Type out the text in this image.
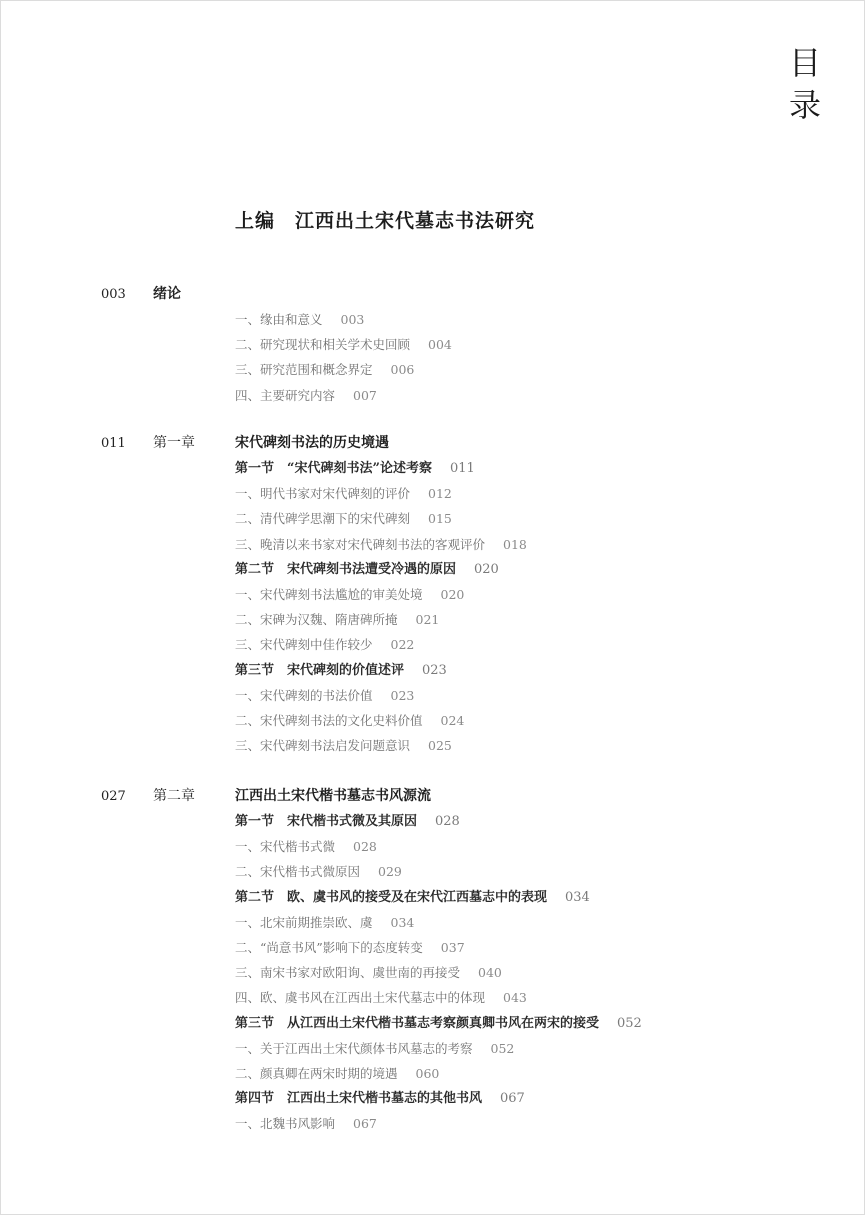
目
录
上编　江西出土宋代墓志书法研究
003 绪论
一、缘由和意义 003
二、研究现状和相关学术史回顾 004
三、研究范围和概念界定 006
四、主要研究内容 007
011 第一章	宋代碑刻书法的历史境遇
第一节　“宋代碑刻书法”论述考察 011
一、明代书家对宋代碑刻的评价 012
二、清代碑学思潮下的宋代碑刻 015
三、晚清以来书家对宋代碑刻书法的客观评价 018
第二节　宋代碑刻书法遭受冷遇的原因 020
一、宋代碑刻书法尴尬的审美处境 020
二、宋碑为汉魏、隋唐碑所掩 021
三、宋代碑刻中佳作较少 022
第三节　宋代碑刻的价值述评 023
一、宋代碑刻的书法价值 023
二、宋代碑刻书法的文化史料价值 024
三、宋代碑刻书法启发问题意识 025
027 第二章	江西出土宋代楷书墓志书风源流
第一节　宋代楷书式微及其原因 028
一、宋代楷书式微 028
二、宋代楷书式微原因 029
第二节　欧、虞书风的接受及在宋代江西墓志中的表现 034
一、北宋前期推崇欧、虞 034
二、“尚意书风”影响下的态度转变 037
三、南宋书家对欧阳询、虞世南的再接受 040
四、欧、虞书风在江西出土宋代墓志中的体现 043
第三节　从江西出土宋代楷书墓志考察颜真卿书风在两宋的接受 052
一、关于江西出土宋代颜体书风墓志的考察 052
二、颜真卿在两宋时期的境遇 060
第四节　江西出土宋代楷书墓志的其他书风 067
一、北魏书风影响 067
